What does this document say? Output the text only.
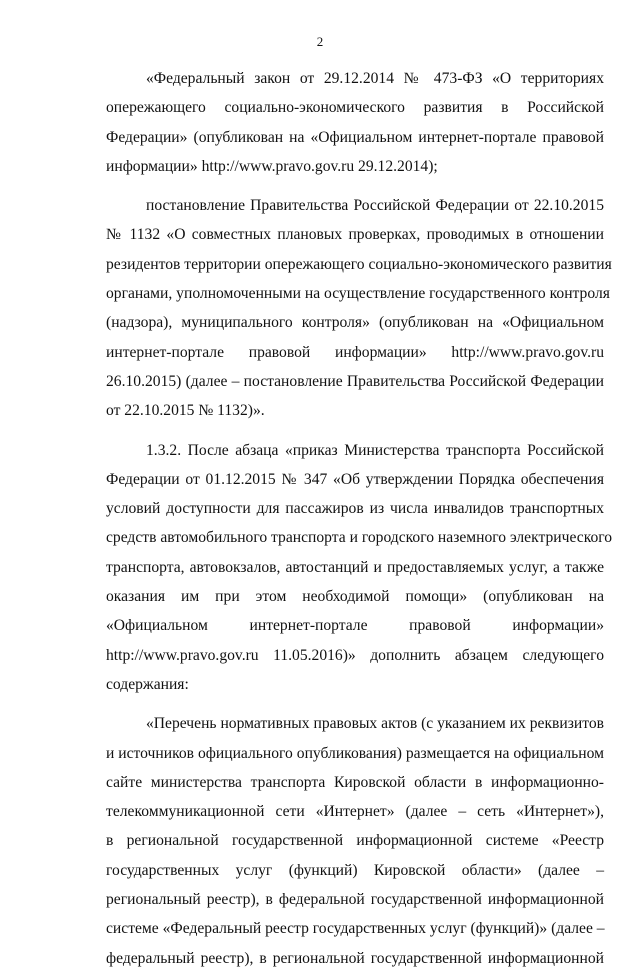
2
«Федеральный закон от 29.12.2014 № 473-ФЗ «О территориях
опережающего социально-экономического развития в Российской
Федерации» (опубликован на «Официальном интернет-портале правовой
информации» http://www.pravo.gov.ru 29.12.2014);
постановление Правительства Российской Федерации от 22.10.2015
№ 1132 «О совместных плановых проверках, проводимых в отношении
резидентов территории опережающего социально-экономического развития
органами, уполномоченными на осуществление государственного контроля
(надзора), муниципального контроля» (опубликован на «Официальном
интернет-портале правовой информации» http://www.pravo.gov.ru
26.10.2015) (далее – постановление Правительства Российской Федерации
от 22.10.2015 № 1132)».
1.3.2. После абзаца «приказ Министерства транспорта Российской
Федерации от 01.12.2015 № 347 «Об утверждении Порядка обеспечения
условий доступности для пассажиров из числа инвалидов транспортных
средств автомобильного транспорта и городского наземного электрического
транспорта, автовокзалов, автостанций и предоставляемых услуг, а также
оказания им при этом необходимой помощи» (опубликован на
«Официальном интернет-портале правовой информации»
http://www.pravo.gov.ru 11.05.2016)» дополнить абзацем следующего
содержания:
«Перечень нормативных правовых актов (с указанием их реквизитов
и источников официального опубликования) размещается на официальном
сайте министерства транспорта Кировской области в информационно-
телекоммуникационной сети «Интернет» (далее – сеть «Интернет»),
в региональной государственной информационной системе «Реестр
государственных услуг (функций) Кировской области» (далее –
региональный реестр), в федеральной государственной информационной
системе «Федеральный реестр государственных услуг (функций)» (далее –
федеральный реестр), в региональной государственной информационной
